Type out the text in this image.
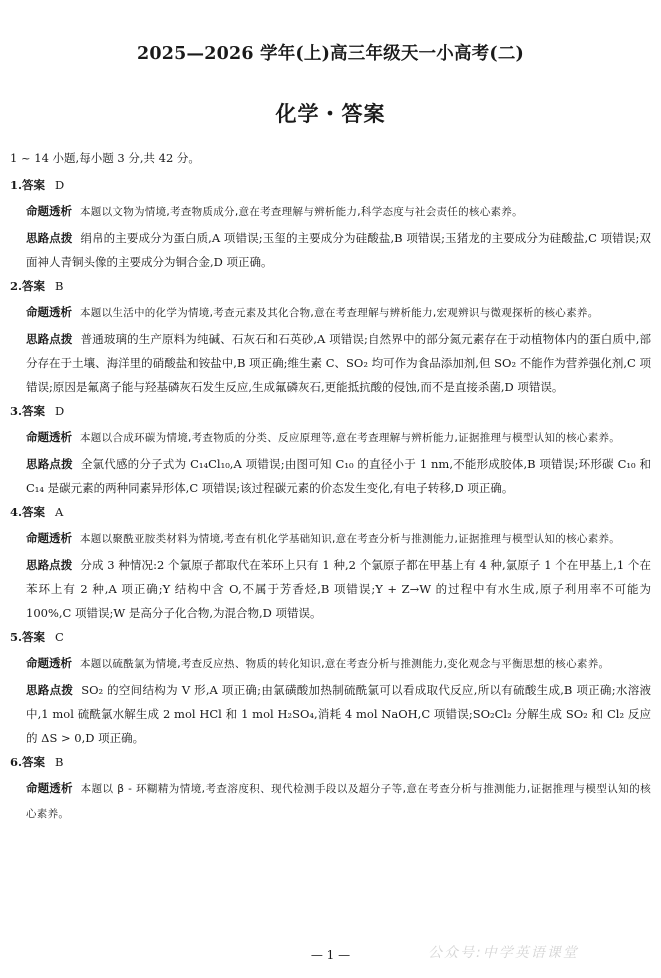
2025—2026 学年(上)高三年级天一小高考(二)
化学・答案

1 ~ 14 小题,每小题 3 分,共 42 分。

1.答案 D

命题透析 本题以文物为情境,考查物质成分,意在考查理解与辨析能力,科学态度与社会责任的核心素养。

思路点拨 绢帛的主要成分为蛋白质,A 项错误;玉玺的主要成分为硅酸盐,B 项错误;玉猪龙的主要成分为硅酸盐,C 项错误;双面神人青铜头像的主要成分为铜合金,D 项正确。

2.答案 B

命题透析 本题以生活中的化学为情境,考查元素及其化合物,意在考查理解与辨析能力,宏观辨识与微观探析的核心素养。

思路点拨 普通玻璃的生产原料为纯碱、石灰石和石英砂,A 项错误;自然界中的部分氮元素存在于动植物体内的蛋白质中,部分存在于土壤、海洋里的硝酸盐和铵盐中,B 项正确;维生素 C、SO₂ 均可作为食品添加剂,但 SO₂ 不能作为营养强化剂,C 项错误;原因是氟离子能与羟基磷灰石发生反应,生成氟磷灰石,更能抵抗酸的侵蚀,而不是直接杀菌,D 项错误。

3.答案 D

命题透析 本题以合成环碳为情境,考查物质的分类、反应原理等,意在考查理解与辨析能力,证据推理与模型认知的核心素养。

思路点拨 全氯代感的分子式为 C₁₄Cl₁₀,A 项错误;由图可知 C₁₀ 的直径小于 1 nm,不能形成胶体,B 项错误;环形碳 C₁₀ 和 C₁₄ 是碳元素的两种同素异形体,C 项错误;该过程碳元素的价态发生变化,有电子转移,D 项正确。

4.答案 A

命题透析 本题以聚酰亚胺类材料为情境,考查有机化学基础知识,意在考查分析与推测能力,证据推理与模型认知的核心素养。

思路点拨 分成 3 种情况:2 个氯原子都取代在苯环上只有 1 种,2 个氯原子都在甲基上有 4 种,氯原子 1 个在甲基上,1 个在苯环上有 2 种,A 项正确;Y 结构中含 O,不属于芳香烃,B 项错误;Y + Z→W 的过程中有水生成,原子利用率不可能为 100%,C 项错误;W 是高分子化合物,为混合物,D 项错误。

5.答案 C

命题透析 本题以硫酰氯为情境,考查反应热、物质的转化知识,意在考查分析与推测能力,变化观念与平衡思想的核心素养。

思路点拨 SO₂ 的空间结构为 V 形,A 项正确;由氯磺酸加热制硫酰氯可以看成取代反应,所以有硫酸生成,B 项正确;水溶液中,1 mol 硫酰氯水解生成 2 mol HCl 和 1 mol H₂SO₄,消耗 4 mol NaOH,C 项错误;SO₂Cl₂ 分解生成 SO₂ 和 Cl₂ 反应的 ΔS > 0,D 项正确。

6.答案 B

命题透析 本题以 β - 环糊精为情境,考查溶度积、现代检测手段以及超分子等,意在考查分析与推测能力,证据推理与模型认知的核心素养。

— 1 —	公众号:中学英语课堂
